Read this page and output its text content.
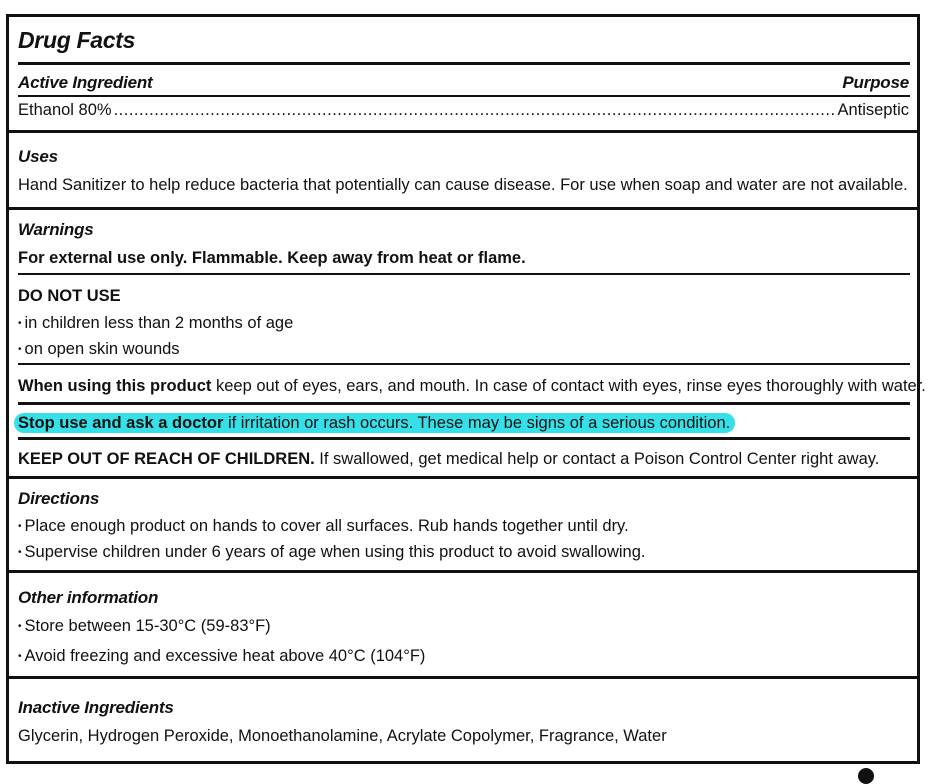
Drug Facts
Active Ingredient	Purpose
Ethanol 80%
.....	Antiseptic
Uses
Hand Sanitizer to help reduce bacteria that potentially can cause disease. For use when soap and water are not available.
Warnings
For external use only. Flammable. Keep away from heat or flame.
DO NOT USE
• in children less than 2 months of age
• on open skin wounds
When using this product keep out of eyes, ears, and mouth. In case of contact with eyes, rinse eyes thoroughly with water.
Stop use and ask a doctor if irritation or rash occurs. These may be signs of a serious condition.
KEEP OUT OF REACH OF CHILDREN. If swallowed, get medical help or contact a Poison Control Center right away.
Directions
• Place enough product on hands to cover all surfaces. Rub hands together until dry.
• Supervise children under 6 years of age when using this product to avoid swallowing.
Other information
• Store between 15-30°C (59-83°F)
• Avoid freezing and excessive heat above 40°C (104°F)
Inactive Ingredients
Glycerin, Hydrogen Peroxide, Monoethanolamine, Acrylate Copolymer, Fragrance, Water
